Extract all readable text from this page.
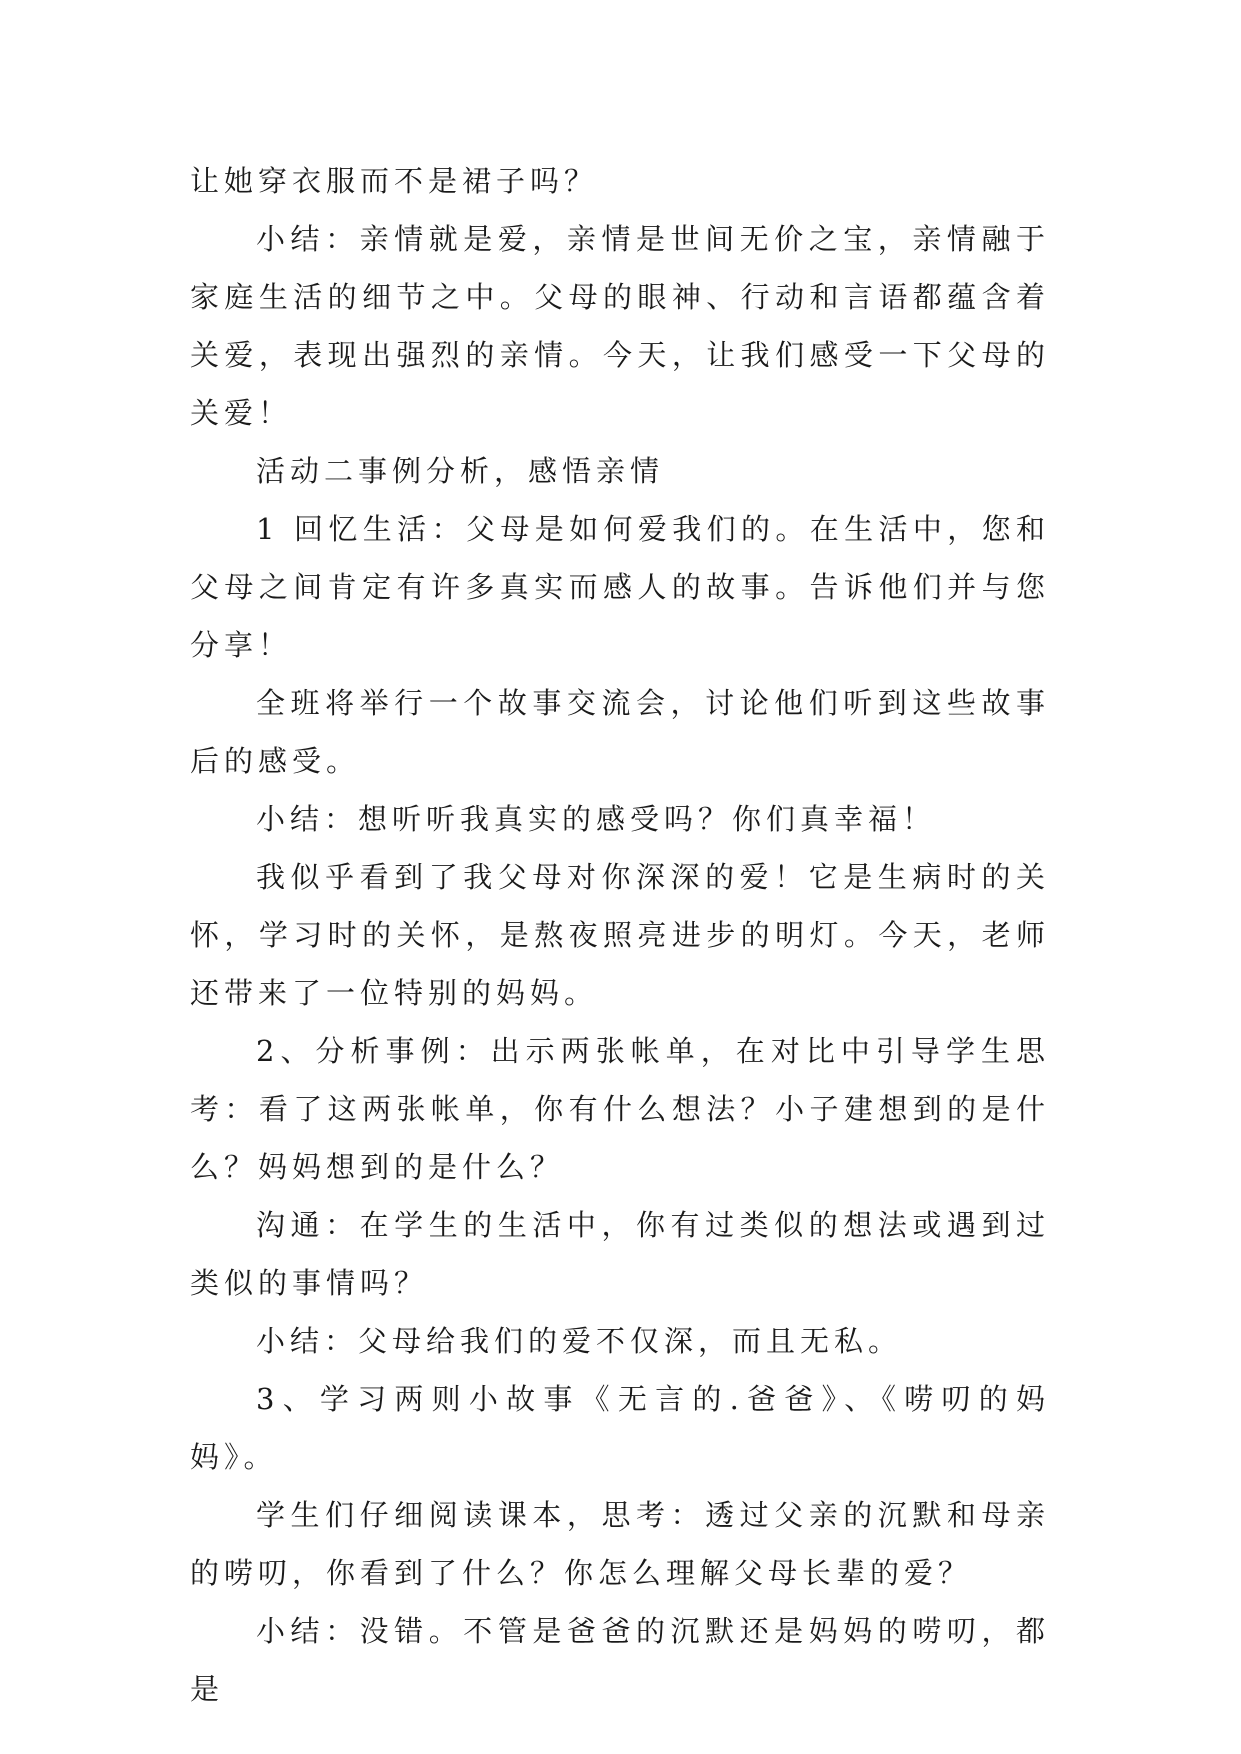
让她穿衣服而不是裙子吗？

小结：亲情就是爱，亲情是世间无价之宝，亲情融于家庭生活的细节之中。父母的眼神、行动和言语都蕴含着关爱，表现出强烈的亲情。今天，让我们感受一下父母的关爱！

活动二事例分析，感悟亲情

1 回忆生活：父母是如何爱我们的。在生活中，您和父母之间肯定有许多真实而感人的故事。告诉他们并与您分享！

全班将举行一个故事交流会，讨论他们听到这些故事后的感受。

小结：想听听我真实的感受吗？你们真幸福！

我似乎看到了我父母对你深深的爱！它是生病时的关怀，学习时的关怀，是熬夜照亮进步的明灯。今天，老师还带来了一位特别的妈妈。

2、分析事例：出示两张帐单，在对比中引导学生思考：看了这两张帐单，你有什么想法？小子建想到的是什么？妈妈想到的是什么？

沟通：在学生的生活中，你有过类似的想法或遇到过类似的事情吗？

小结：父母给我们的爱不仅深，而且无私。

3、学习两则小故事《无言的.爸爸》、《唠叨的妈妈》。

学生们仔细阅读课本，思考：透过父亲的沉默和母亲的唠叨，你看到了什么？你怎么理解父母长辈的爱？

小结：没错。不管是爸爸的沉默还是妈妈的唠叨，都是
